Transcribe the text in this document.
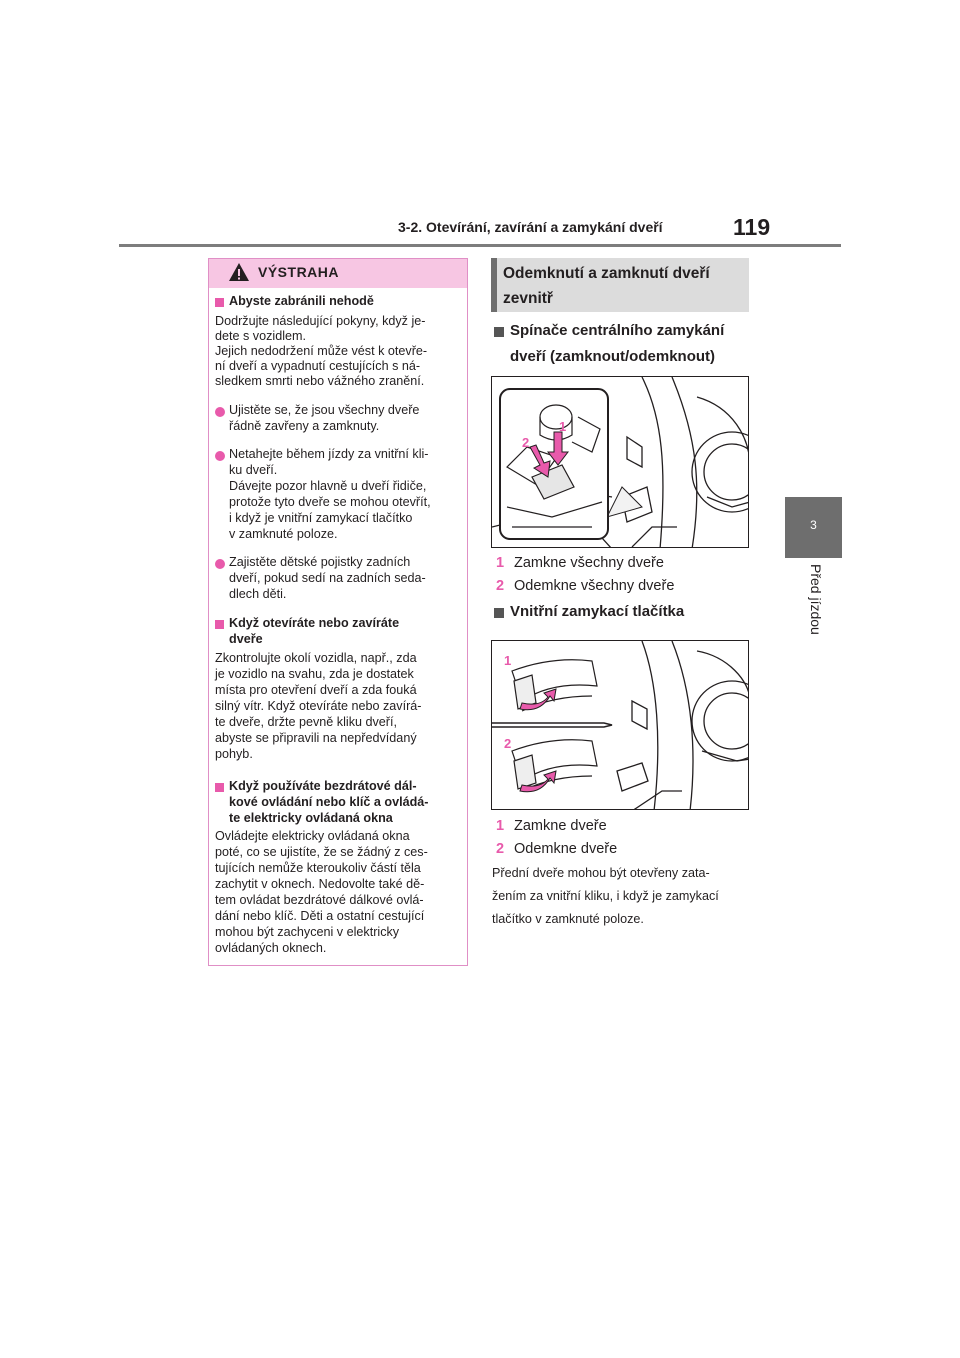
3-2. Otevírání, zavírání a zamykání dveří	119
3
Před jízdou
VÝSTRAHA
Abyste zabránili nehodě
Dodržujte následující pokyny, když je-
dete s vozidlem.
Jejich nedodržení může vést k otevře-
ní dveří a vypadnutí cestujících s ná-
sledkem smrti nebo vážného zranění.
Ujistěte se, že jsou všechny dveře
řádně zavřeny a zamknuty.
Netahejte během jízdy za vnitřní kli-
ku dveří.
Dávejte pozor hlavně u dveří řidiče,
protože tyto dveře se mohou otevřít,
i když je vnitřní zamykací tlačítko
v zamknuté poloze.
Zajistěte dětské pojistky zadních
dveří, pokud sedí na zadních seda-
dlech děti.
Když otevíráte nebo zavíráte
dveře
Zkontrolujte okolí vozidla, např., zda
je vozidlo na svahu, zda je dostatek
místa pro otevření dveří a zda fouká
silný vítr. Když otevíráte nebo zavírá-
te dveře, držte pevně kliku dveří,
abyste se připravili na nepředvídaný
pohyb.
Když používáte bezdrátové dál-
kové ovládání nebo klíč a ovládá-
te elektricky ovládaná okna
Ovládejte elektricky ovládaná okna
poté, co se ujistíte, že se žádný z ces-
tujících nemůže kteroukoliv částí těla
zachytit v oknech. Nedovolte také dě-
tem ovládat bezdrátové dálkové ovlá-
dání nebo klíč. Děti a ostatní cestující
mohou být zachyceni v elektricky
ovládaných oknech.
Odemknutí a zamknutí dveří
zevnitř
Spínače centrálního zamykání
dveří (zamknout/odemknout)
1
2
1 Zamkne všechny dveře
2 Odemkne všechny dveře
Vnitřní zamykací tlačítka
1
2
1 Zamkne dveře
2 Odemkne dveře
Přední dveře mohou být otevřeny zata-
žením za vnitřní kliku, i když je zamykací
tlačítko v zamknuté poloze.
